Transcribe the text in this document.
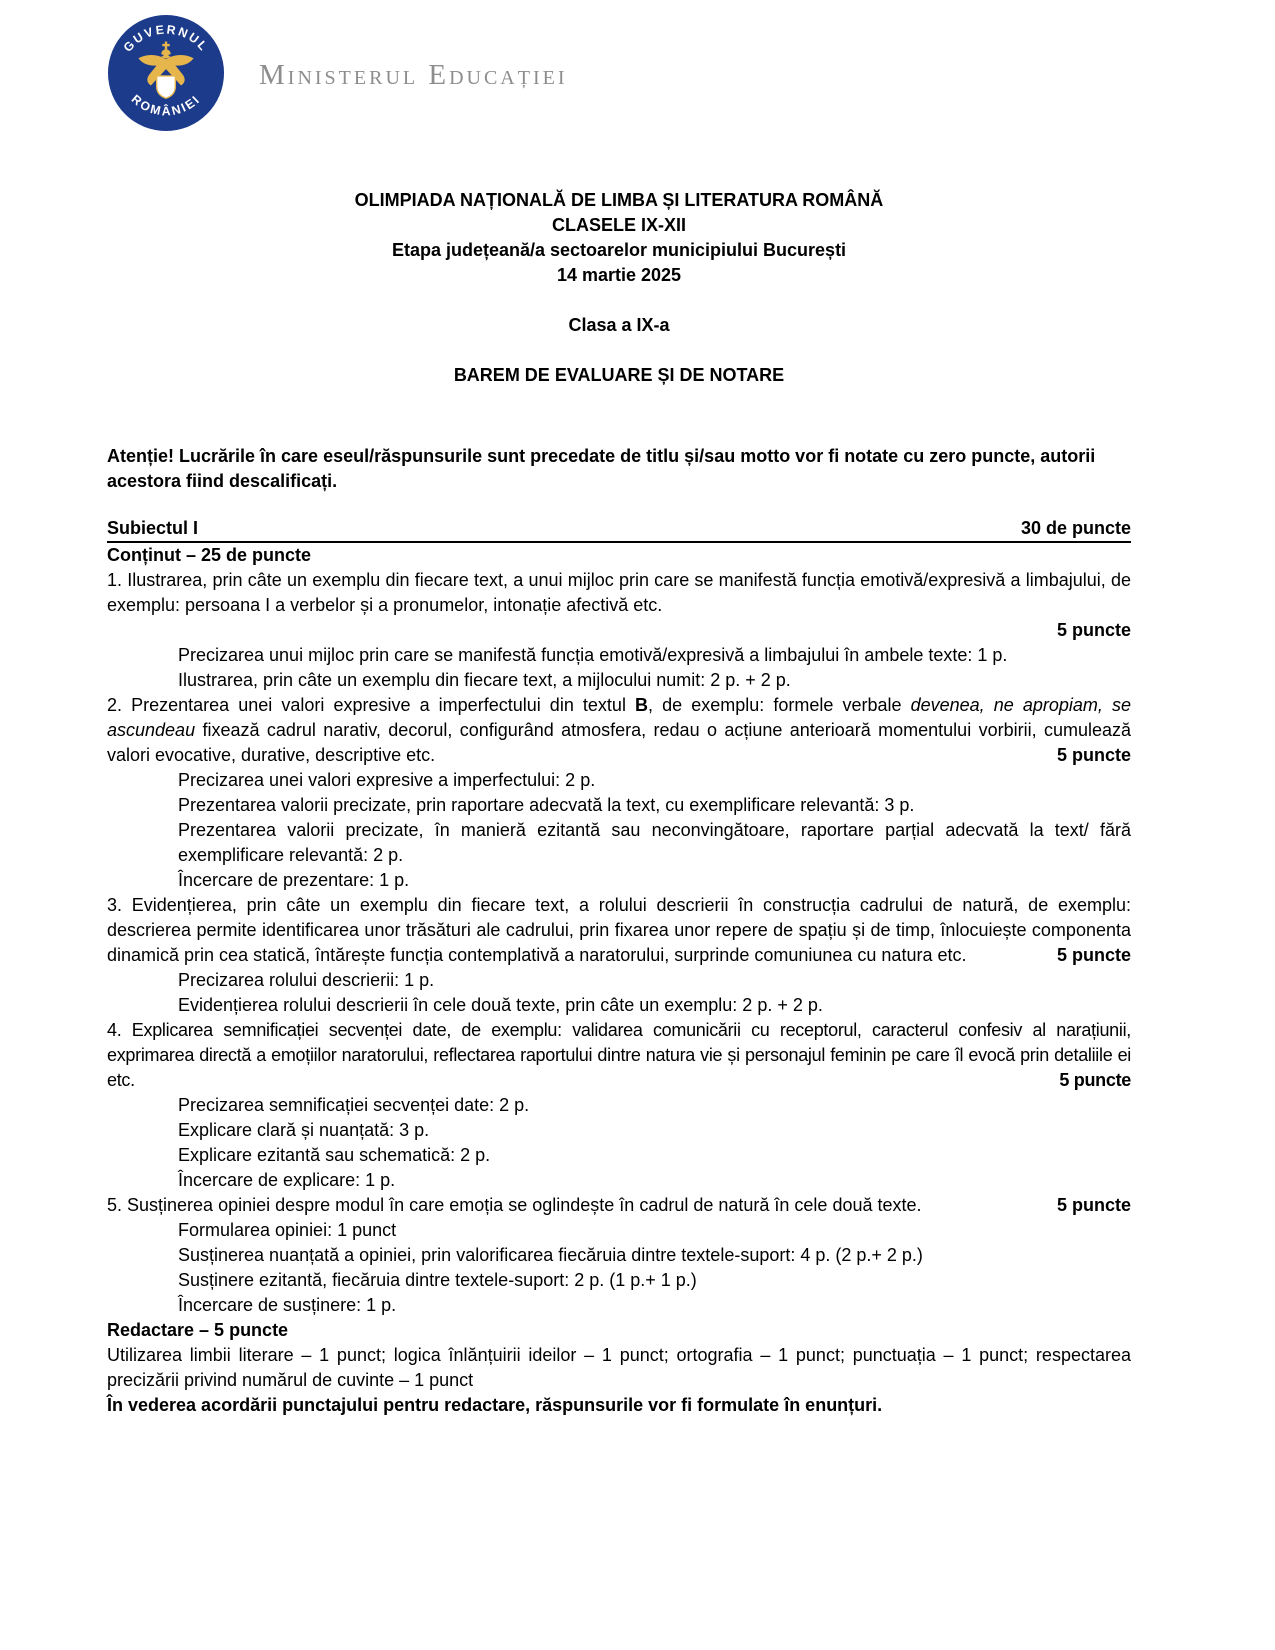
GUVERNUL
ROMÂNIEI
Ministerul Educației
OLIMPIADA NAȚIONALĂ DE LIMBA ȘI LITERATURA ROMÂNĂ
CLASELE IX-XII
Etapa județeană/a sectoarelor municipiului București
14 martie 2025
Clasa a IX-a
BAREM DE EVALUARE ȘI DE NOTARE

Atenție! Lucrările în care eseul/răspunsurile sunt precedate de titlu și/sau motto vor fi notate cu zero puncte, autorii acestora fiind descalificați.

Subiectul I	30 de puncte
Conținut – 25 de puncte

1. Ilustrarea, prin câte un exemplu din fiecare text, a unui mijloc prin care se manifestă funcția emotivă/expresivă a limbajului, de exemplu: persoana I a verbelor și a pronumelor, intonație afectivă etc.

5 puncte
Precizarea unui mijloc prin care se manifestă funcția emotivă/expresivă a limbajului în ambele texte: 1 p.
Ilustrarea, prin câte un exemplu din fiecare text, a mijlocului numit: 2 p. + 2 p.

2. Prezentarea unei valori expresive a imperfectului din textul B, de exemplu: formele verbale devenea, ne apropiam, se ascundeau fixează cadrul narativ, decorul, configurând atmosfera, redau o acțiune anterioară momentului vorbirii, cumulează valori evocative, durative, descriptive etc.	5 puncte

Precizarea unei valori expresive a imperfectului: 2 p.
Prezentarea valorii precizate, prin raportare adecvată la text, cu exemplificare relevantă: 3 p.
Prezentarea valorii precizate, în manieră ezitantă sau neconvingătoare, raportare parțial adecvată la text/ fără exemplificare relevantă: 2 p.
Încercare de prezentare: 1 p.

3. Evidențierea, prin câte un exemplu din fiecare text, a rolului descrierii în construcția cadrului de natură, de exemplu: descrierea permite identificarea unor trăsături ale cadrului, prin fixarea unor repere de spațiu și de timp, înlocuiește componenta dinamică prin cea statică, întărește funcția contemplativă a naratorului, surprinde comuniunea cu natura etc.	5 puncte

Precizarea rolului descrierii: 1 p.
Evidențierea rolului descrierii în cele două texte, prin câte un exemplu: 2 p. + 2 p.

4. Explicarea semnificației secvenței date, de exemplu: validarea comunicării cu receptorul, caracterul confesiv al narațiunii, exprimarea directă a emoțiilor naratorului, reflectarea raportului dintre natura vie și personajul feminin pe care îl evocă prin detaliile ei etc.	5 puncte

Precizarea semnificației secvenței date: 2 p.
Explicare clară și nuanțată: 3 p.
Explicare ezitantă sau schematică: 2 p.
Încercare de explicare: 1 p.

5. Susținerea opiniei despre modul în care emoția se oglindește în cadrul de natură în cele două texte.	5 puncte

Formularea opiniei: 1 punct
Susținerea nuanțată a opiniei, prin valorificarea fiecăruia dintre textele-suport: 4 p. (2 p.+ 2 p.)
Susținere ezitantă, fiecăruia dintre textele-suport: 2 p. (1 p.+ 1 p.)
Încercare de susținere: 1 p.
Redactare – 5 puncte

Utilizarea limbii literare – 1 punct; logica înlănțuirii ideilor – 1 punct; ortografia – 1 punct; punctuația – 1 punct; respectarea precizării privind numărul de cuvinte – 1 punct

În vederea acordării punctajului pentru redactare, răspunsurile vor fi formulate în enunțuri.
